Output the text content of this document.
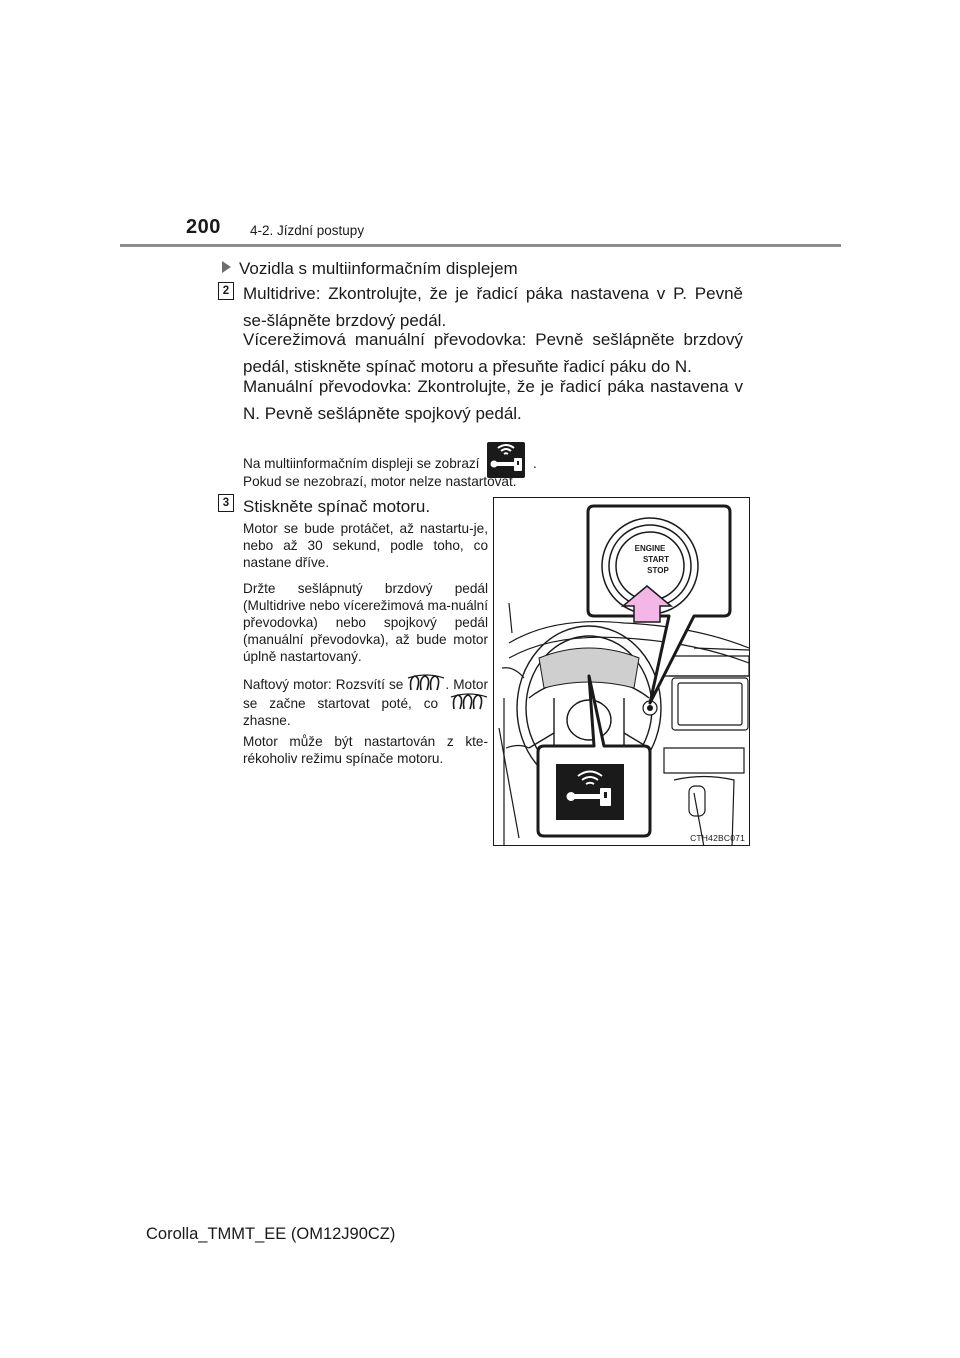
200 4-2. Jízdní postupy
Vozidla s multiinformačním displejem
2 Multidrive: Zkontrolujte, že je řadicí páka nastavena v P. Pevně se-šlápněte brzdový pedál.
Vícerežimová manuální převodovka: Pevně sešlápněte brzdový pedál, stiskněte spínač motoru a přesuňte řadicí páku do N.
Manuální převodovka: Zkontrolujte, že je řadicí páka nastavena v N. Pevně sešlápněte spojkový pedál.
Na multiinformačním displeji se zobrazí	.
Pokud se nezobrazí, motor nelze nastartovat.
3 Stiskněte spínač motoru.
Motor se bude protáčet, až nastartu-je, nebo až 30 sekund, podle toho, co nastane dříve.
Držte sešlápnutý brzdový pedál (Multidrive nebo vícerežimová ma-nuální převodovka) nebo spojkový pedál (manuální převodovka), až bude motor úplně nastartovaný.
Naftový motor: Rozsvítí se	. Motor se začne startovat poté, co  zhasne.
Motor může být nastartován z kte-rékoholiv režimu spínače motoru.
ENGINE
START
STOP
CTH42BC071
Corolla_TMMT_EE (OM12J90CZ)
